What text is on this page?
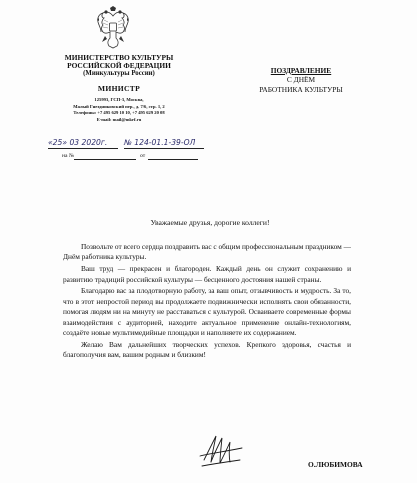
МИНИСТЕРСТВО КУЛЬТУРЫ
РОССИЙСКОЙ ФЕДЕРАЦИИ
(Минкультуры России)
МИНИСТР
125993, ГСП-3, Москва,
Малый Гнездниковский пер., д. 7/6, стр. 1, 2
Телефоны: +7 495 629 10 10, +7 495 629 20 08
E-mail: mail@mkrf.ru
«25» 03 2020г. № 124-01.1-39-ОЛ
на №	от
ПОЗДРАВЛЕНИЕ
С ДНЁМ
РАБОТНИКА КУЛЬТУРЫ
Уважаемые друзья, дорогие коллеги!

Позвольте от всего сердца поздравить вас с общим профессиональным праздником — Днём работника культуры.

Ваш труд — прекрасен и благороден. Каждый день он служит сохранению и развитию традиций российской культуры — бесценного достояния нашей страны.

Благодарю вас за плодотворную работу, за ваш опыт, отзывчивость и мудрость. За то, что в этот непростой период вы продолжаете подвижнически исполнять свои обязанности, помогая людям ни на минуту не расставаться с культурой. Осваиваете современные формы взаимодействия с аудиторией, находите актуальное применение онлайн-технологиям, создаёте новые мультимедийные площадки и наполняете их содержанием.

Желаю Вам дальнейших творческих успехов. Крепкого здоровья, счастья и благополучия вам, вашим родным и близким!

О.ЛЮБИМОВА
